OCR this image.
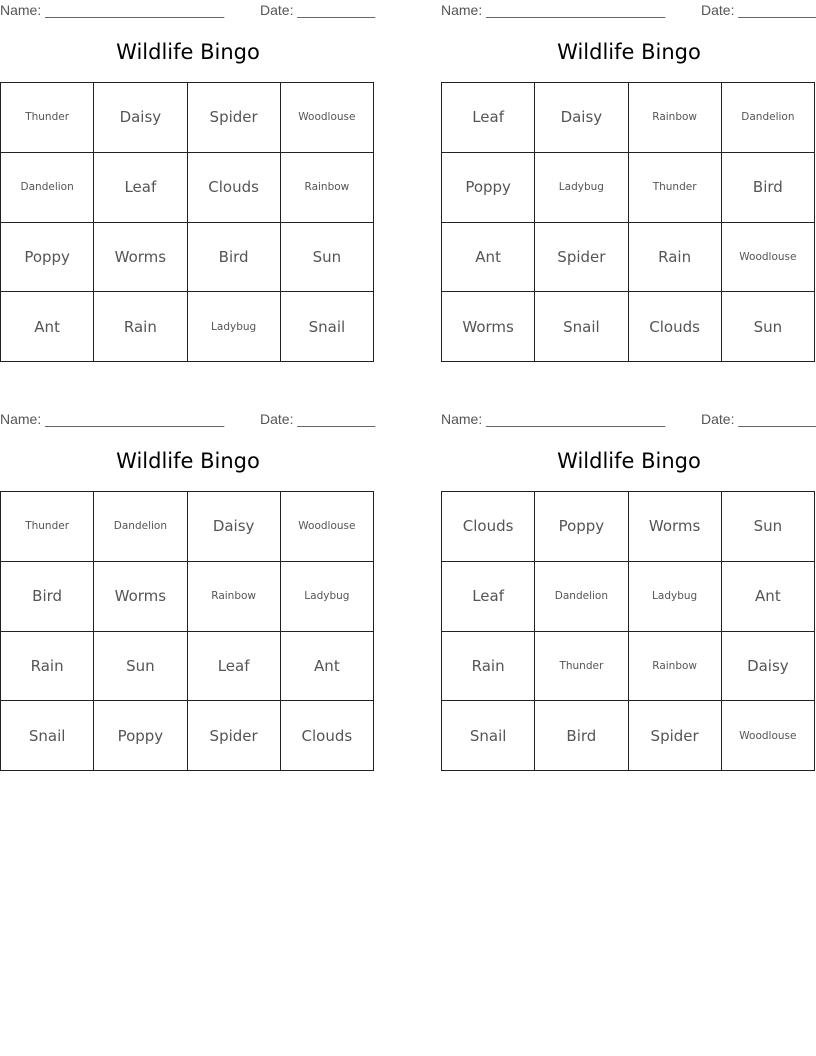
Name: _______________________	Date: __________
Wildlife Bingo
Thunder	Daisy	Spider	Woodlouse
Dandelion	Leaf	Clouds	Rainbow
Poppy	Worms	Bird	Sun
Ant	Rain	Ladybug	Snail
Name: _______________________	Date: __________
Wildlife Bingo
Leaf	Daisy	Rainbow	Dandelion
Poppy	Ladybug	Thunder	Bird
Ant	Spider	Rain	Woodlouse
Worms	Snail	Clouds	Sun
Name: _______________________	Date: __________
Wildlife Bingo
Thunder	Dandelion	Daisy	Woodlouse
Bird	Worms	Rainbow	Ladybug
Rain	Sun	Leaf	Ant
Snail	Poppy	Spider	Clouds
Name: _______________________	Date: __________
Wildlife Bingo
Clouds	Poppy	Worms	Sun
Leaf	Dandelion	Ladybug	Ant
Rain	Thunder	Rainbow	Daisy
Snail	Bird	Spider	Woodlouse
